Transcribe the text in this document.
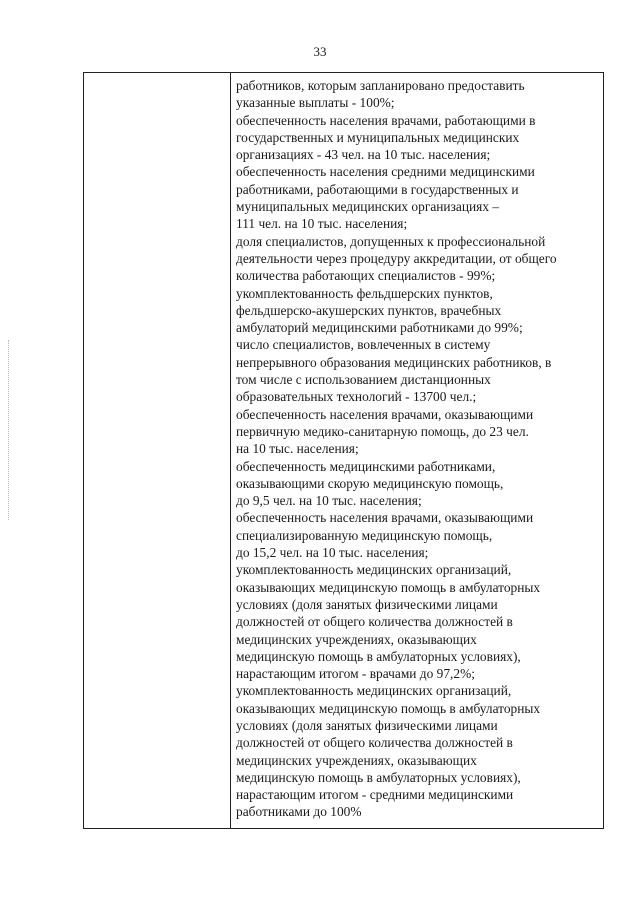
33
работников, которым запланировано предоставить
указанные выплаты - 100%;
обеспеченность населения врачами, работающими в
государственных и муниципальных медицинских
организациях - 43 чел. на 10 тыс. населения;
обеспеченность населения средними медицинскими
работниками, работающими в государственных и
муниципальных медицинских организациях –
111 чел. на 10 тыс. населения;
доля специалистов, допущенных к профессиональной
деятельности через процедуру аккредитации, от общего
количества работающих специалистов - 99%;
укомплектованность фельдшерских пунктов,
фельдшерско-акушерских пунктов, врачебных
амбулаторий медицинскими работниками до 99%;
число специалистов, вовлеченных в систему
непрерывного образования медицинских работников, в
том числе с использованием дистанционных
образовательных технологий - 13700 чел.;
обеспеченность населения врачами, оказывающими
первичную медико-санитарную помощь, до 23 чел.
на 10 тыс. населения;
обеспеченность медицинскими работниками,
оказывающими скорую медицинскую помощь,
до 9,5 чел. на 10 тыс. населения;
обеспеченность населения врачами, оказывающими
специализированную медицинскую помощь,
до 15,2 чел. на 10 тыс. населения;
укомплектованность медицинских организаций,
оказывающих медицинскую помощь в амбулаторных
условиях (доля занятых физическими лицами
должностей от общего количества должностей в
медицинских учреждениях, оказывающих
медицинскую помощь в амбулаторных условиях),
нарастающим итогом - врачами до 97,2%;
укомплектованность медицинских организаций,
оказывающих медицинскую помощь в амбулаторных
условиях (доля занятых физическими лицами
должностей от общего количества должностей в
медицинских учреждениях, оказывающих
медицинскую помощь в амбулаторных условиях),
нарастающим итогом - средними медицинскими
работниками до 100%
